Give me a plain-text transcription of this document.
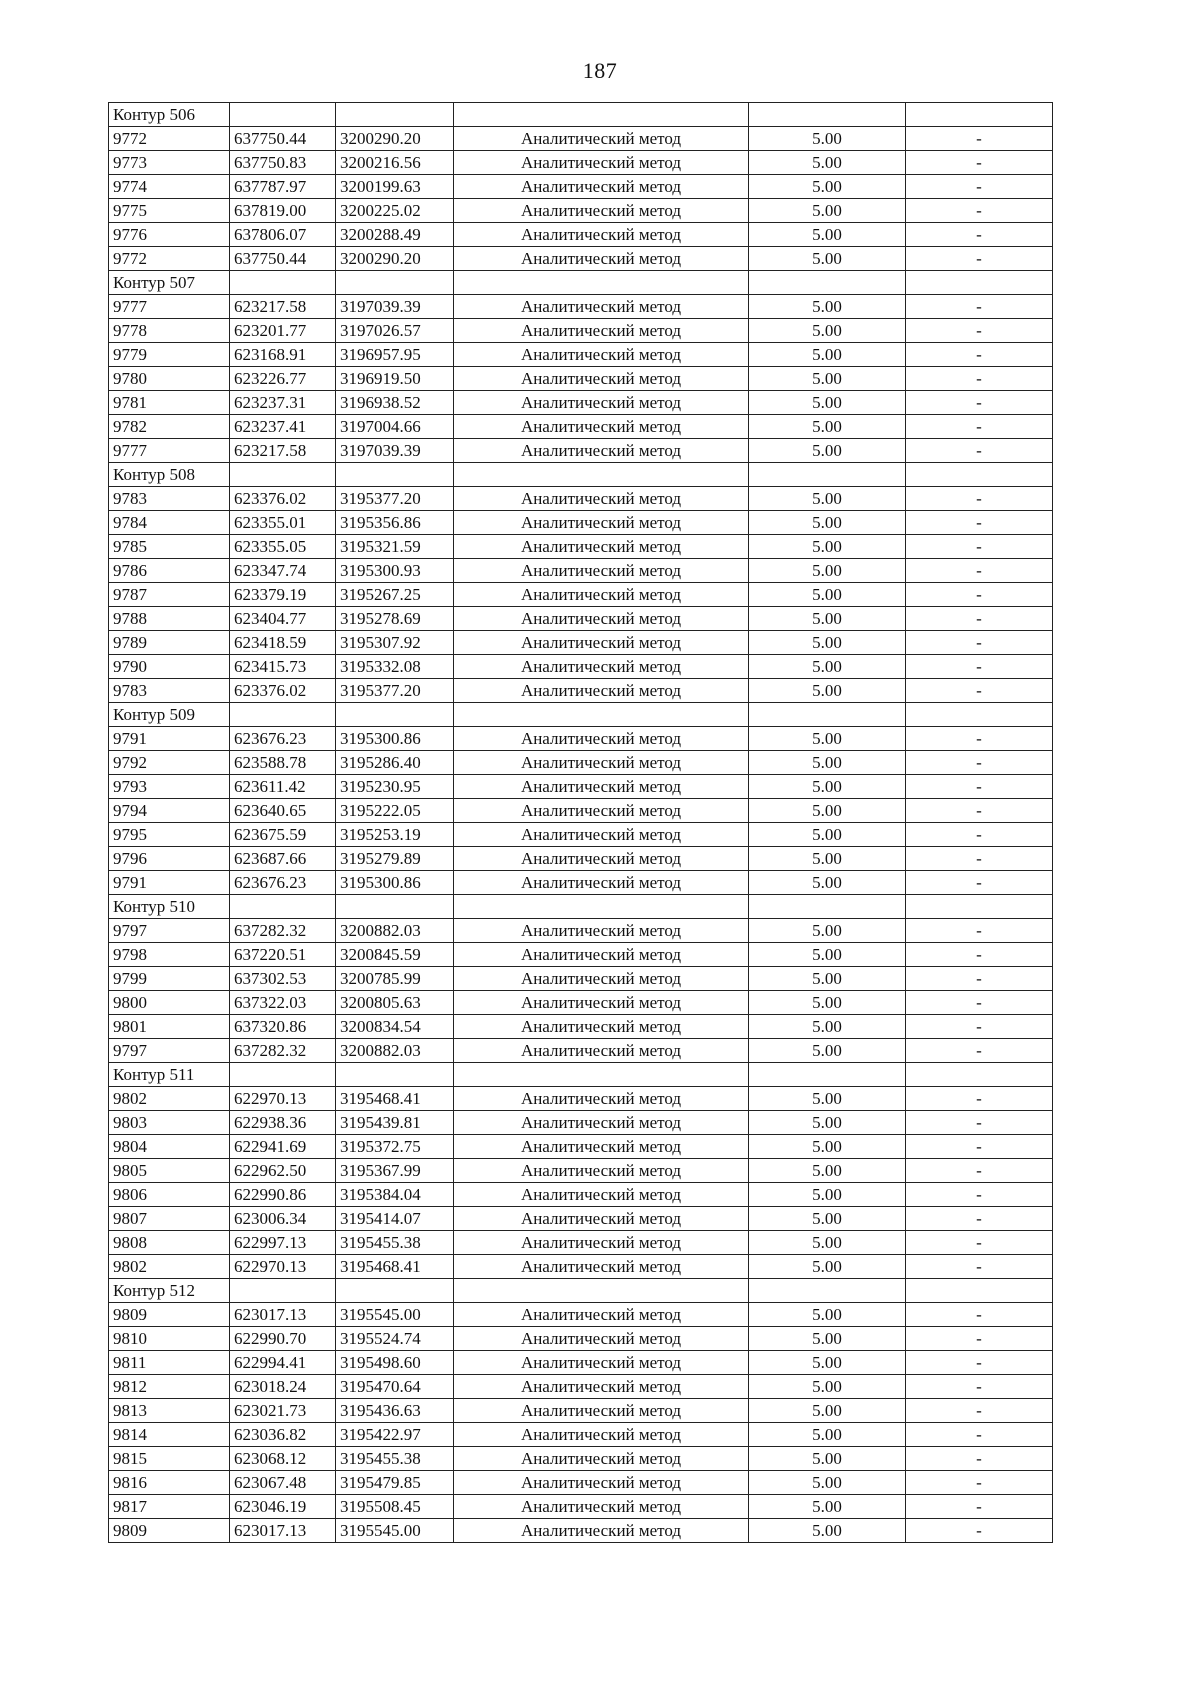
187
Контур 506					
9772	637750.44	3200290.20	Аналитический метод	5.00	-
9773	637750.83	3200216.56	Аналитический метод	5.00	-
9774	637787.97	3200199.63	Аналитический метод	5.00	-
9775	637819.00	3200225.02	Аналитический метод	5.00	-
9776	637806.07	3200288.49	Аналитический метод	5.00	-
9772	637750.44	3200290.20	Аналитический метод	5.00	-
Контур 507					
9777	623217.58	3197039.39	Аналитический метод	5.00	-
9778	623201.77	3197026.57	Аналитический метод	5.00	-
9779	623168.91	3196957.95	Аналитический метод	5.00	-
9780	623226.77	3196919.50	Аналитический метод	5.00	-
9781	623237.31	3196938.52	Аналитический метод	5.00	-
9782	623237.41	3197004.66	Аналитический метод	5.00	-
9777	623217.58	3197039.39	Аналитический метод	5.00	-
Контур 508					
9783	623376.02	3195377.20	Аналитический метод	5.00	-
9784	623355.01	3195356.86	Аналитический метод	5.00	-
9785	623355.05	3195321.59	Аналитический метод	5.00	-
9786	623347.74	3195300.93	Аналитический метод	5.00	-
9787	623379.19	3195267.25	Аналитический метод	5.00	-
9788	623404.77	3195278.69	Аналитический метод	5.00	-
9789	623418.59	3195307.92	Аналитический метод	5.00	-
9790	623415.73	3195332.08	Аналитический метод	5.00	-
9783	623376.02	3195377.20	Аналитический метод	5.00	-
Контур 509					
9791	623676.23	3195300.86	Аналитический метод	5.00	-
9792	623588.78	3195286.40	Аналитический метод	5.00	-
9793	623611.42	3195230.95	Аналитический метод	5.00	-
9794	623640.65	3195222.05	Аналитический метод	5.00	-
9795	623675.59	3195253.19	Аналитический метод	5.00	-
9796	623687.66	3195279.89	Аналитический метод	5.00	-
9791	623676.23	3195300.86	Аналитический метод	5.00	-
Контур 510					
9797	637282.32	3200882.03	Аналитический метод	5.00	-
9798	637220.51	3200845.59	Аналитический метод	5.00	-
9799	637302.53	3200785.99	Аналитический метод	5.00	-
9800	637322.03	3200805.63	Аналитический метод	5.00	-
9801	637320.86	3200834.54	Аналитический метод	5.00	-
9797	637282.32	3200882.03	Аналитический метод	5.00	-
Контур 511					
9802	622970.13	3195468.41	Аналитический метод	5.00	-
9803	622938.36	3195439.81	Аналитический метод	5.00	-
9804	622941.69	3195372.75	Аналитический метод	5.00	-
9805	622962.50	3195367.99	Аналитический метод	5.00	-
9806	622990.86	3195384.04	Аналитический метод	5.00	-
9807	623006.34	3195414.07	Аналитический метод	5.00	-
9808	622997.13	3195455.38	Аналитический метод	5.00	-
9802	622970.13	3195468.41	Аналитический метод	5.00	-
Контур 512					
9809	623017.13	3195545.00	Аналитический метод	5.00	-
9810	622990.70	3195524.74	Аналитический метод	5.00	-
9811	622994.41	3195498.60	Аналитический метод	5.00	-
9812	623018.24	3195470.64	Аналитический метод	5.00	-
9813	623021.73	3195436.63	Аналитический метод	5.00	-
9814	623036.82	3195422.97	Аналитический метод	5.00	-
9815	623068.12	3195455.38	Аналитический метод	5.00	-
9816	623067.48	3195479.85	Аналитический метод	5.00	-
9817	623046.19	3195508.45	Аналитический метод	5.00	-
9809	623017.13	3195545.00	Аналитический метод	5.00	-
